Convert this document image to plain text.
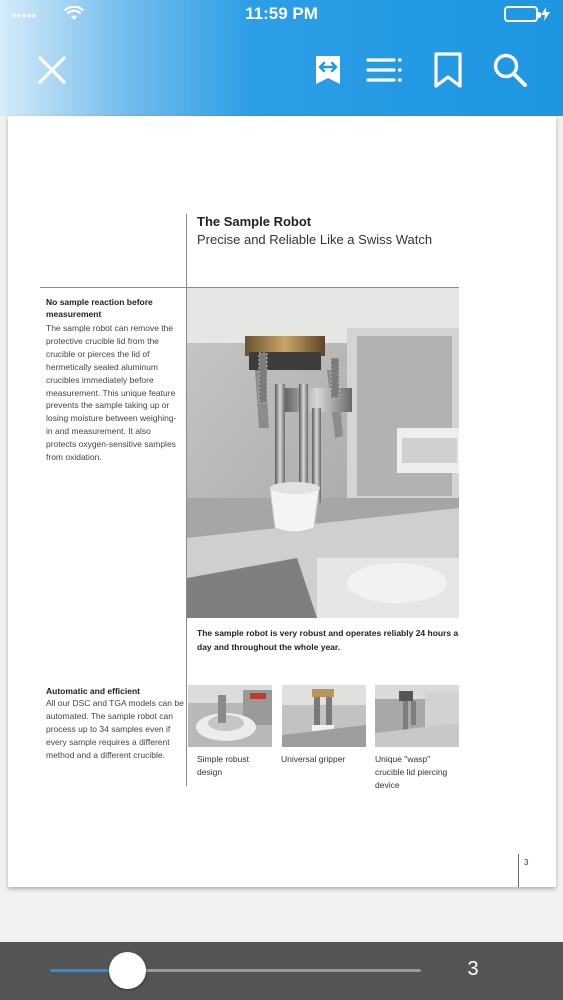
•••••	11:59 PM
The Sample Robot
Precise and Reliable Like a Swiss Watch
No sample reaction before measurement
The sample robot can remove the protective crucible lid from the crucible or pierces the lid of hermetically sealed aluminum crucibles immediately before measurement. This unique feature prevents the sample taking up or losing moisture between weighing-in and measurement. It also protects oxygen-sensitive samples from oxidation.
The sample robot is very robust and operates reliably 24 hours a day and throughout the whole year.
Automatic and efficient
All our DSC and TGA models can be automated. The sample robot can process up to 34 samples even if every sample requires a different method and a different crucible.	Simple robust design
Universal gripper	Unique "wasp" crucible lid piercing device
3
3
